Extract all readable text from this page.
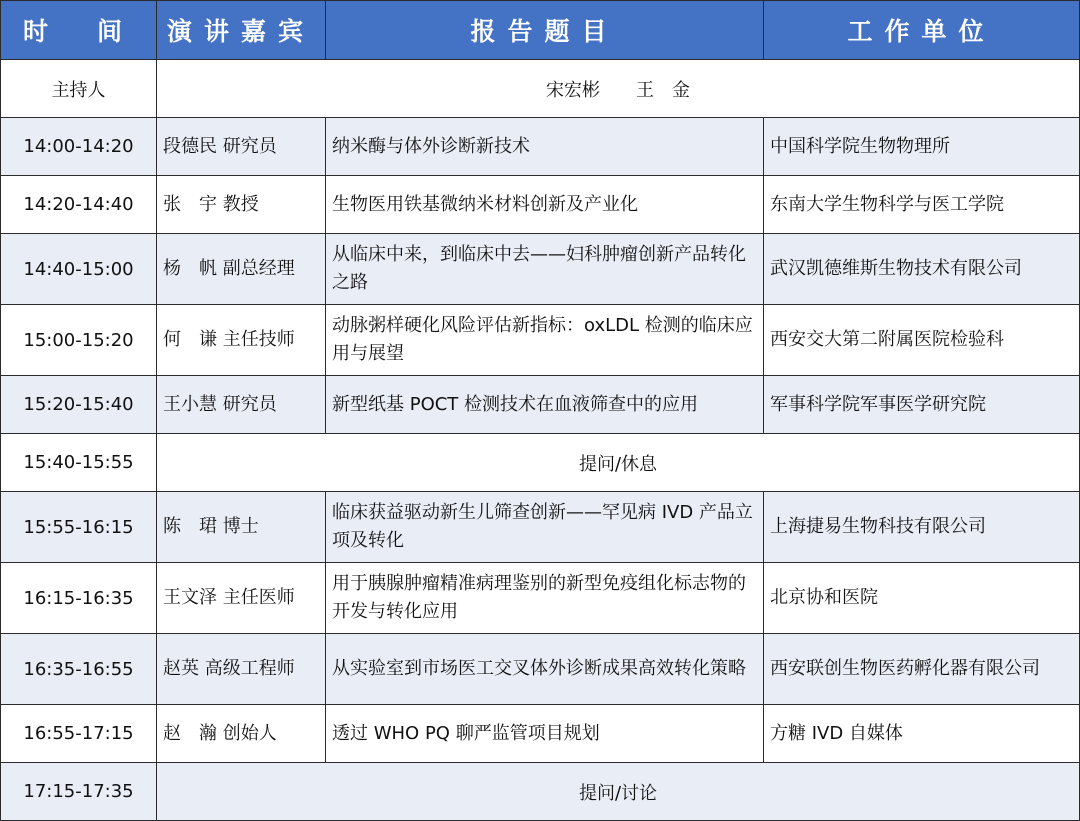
时　间	演讲嘉宾	报告题目	工作单位
主持人	宋宏彬　　王　金		
14:00-14:20	段德民 研究员	纳米酶与体外诊断新技术	中国科学院生物物理所
14:20-14:40	张　宇 教授	生物医用铁基微纳米材料创新及产业化	东南大学生物科学与医工学院
14:40-15:00	杨　帆 副总经理	从临床中来，到临床中去——妇科肿瘤创新产品转化之路	武汉凯德维斯生物技术有限公司
15:00-15:20	何　谦 主任技师	动脉粥样硬化风险评估新指标：oxLDL 检测的临床应用与展望	西安交大第二附属医院检验科
15:20-15:40	王小慧 研究员	新型纸基 POCT 检测技术在血液筛查中的应用	军事科学院军事医学研究院
15:40-15:55	提问/休息		
15:55-16:15	陈　珺 博士	临床获益驱动新生儿筛查创新——罕见病 IVD 产品立项及转化	上海捷易生物科技有限公司
16:15-16:35	王文泽 主任医师	用于胰腺肿瘤精准病理鉴别的新型免疫组化标志物的开发与转化应用	北京协和医院
16:35-16:55	赵英 高级工程师	从实验室到市场医工交叉体外诊断成果高效转化策略	西安联创生物医药孵化器有限公司
16:55-17:15	赵　瀚 创始人	透过 WHO PQ 聊严监管项目规划	方糖 IVD 自媒体
17:15-17:35	提问/讨论		
